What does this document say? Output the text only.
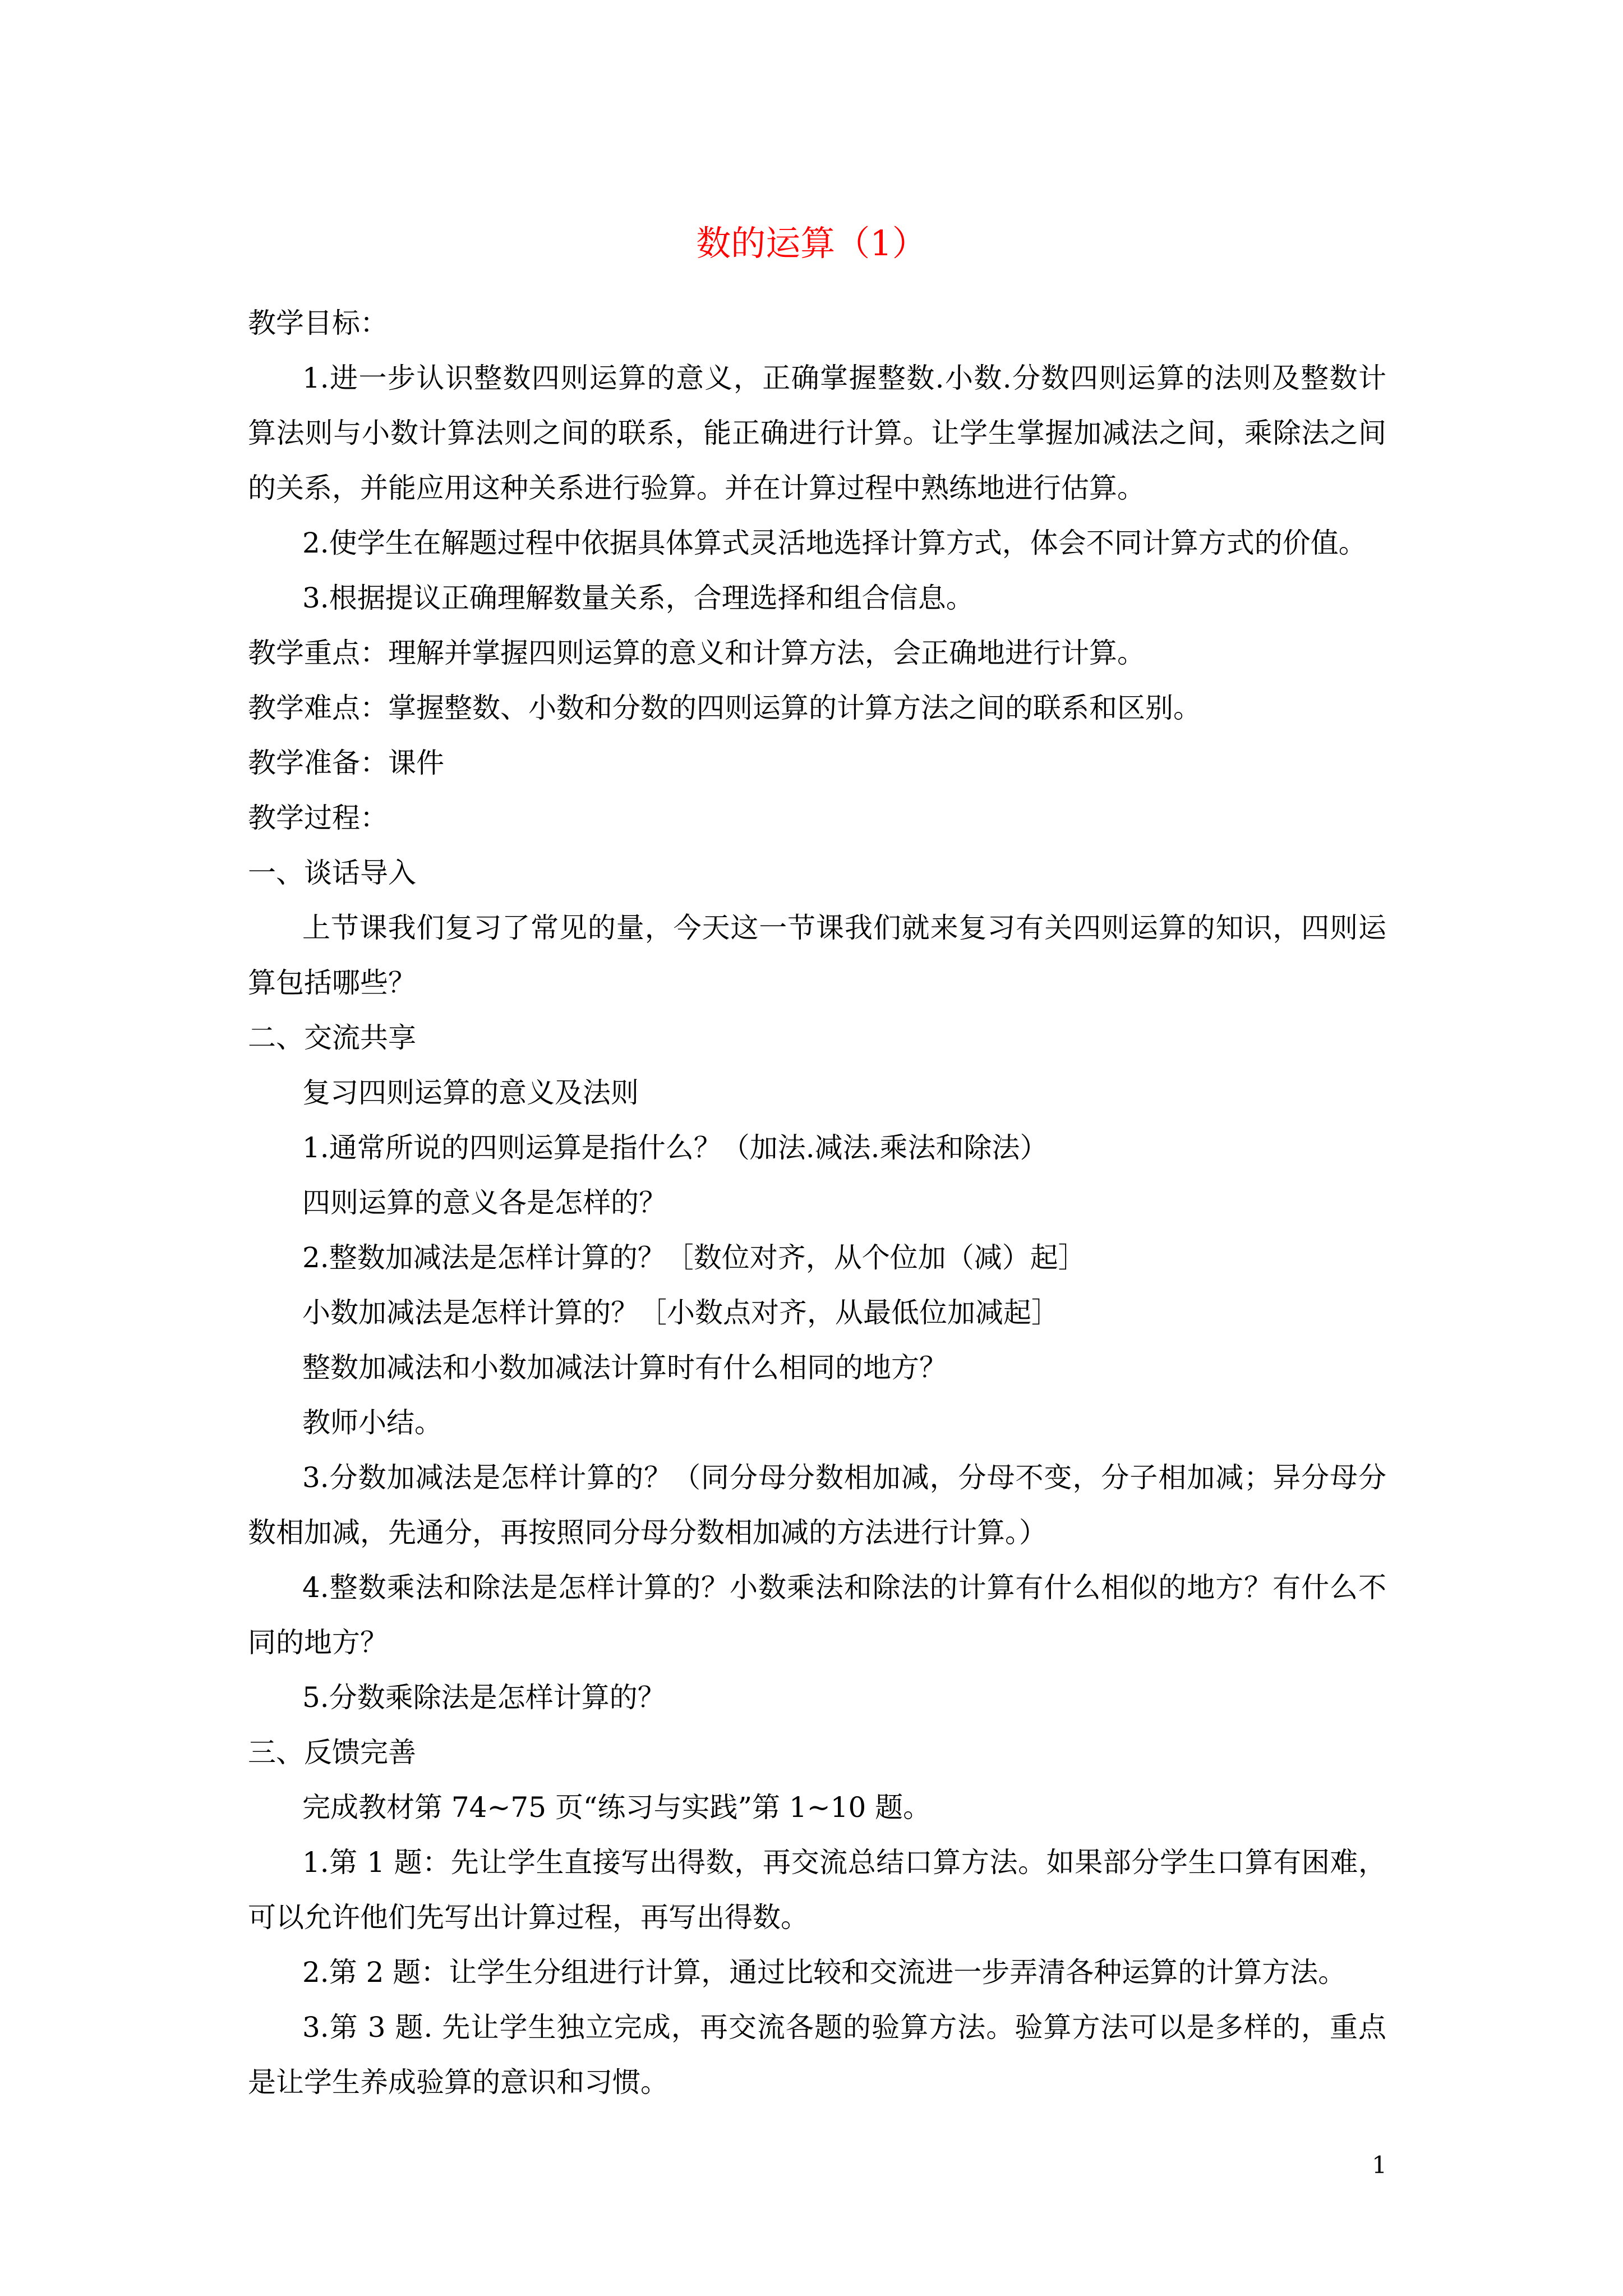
数的运算（1）
教学目标：
1.进一步认识整数四则运算的意义，正确掌握整数.小数.分数四则运算的法则及整数计
算法则与小数计算法则之间的联系，能正确进行计算。让学生掌握加减法之间，乘除法之间
的关系，并能应用这种关系进行验算。并在计算过程中熟练地进行估算。
2.使学生在解题过程中依据具体算式灵活地选择计算方式，体会不同计算方式的价值。
3.根据提议正确理解数量关系，合理选择和组合信息。
教学重点：理解并掌握四则运算的意义和计算方法，会正确地进行计算。
教学难点：掌握整数、小数和分数的四则运算的计算方法之间的联系和区别。
教学准备：课件
教学过程：
一、谈话导入
上节课我们复习了常见的量，今天这一节课我们就来复习有关四则运算的知识，四则运
算包括哪些？
二、交流共享
复习四则运算的意义及法则
1.通常所说的四则运算是指什么？（加法.减法.乘法和除法）
四则运算的意义各是怎样的？
2.整数加减法是怎样计算的？［数位对齐，从个位加（减）起］
小数加减法是怎样计算的？［小数点对齐，从最低位加减起］
整数加减法和小数加减法计算时有什么相同的地方？
教师小结。
3.分数加减法是怎样计算的？（同分母分数相加减，分母不变，分子相加减；异分母分
数相加减，先通分，再按照同分母分数相加减的方法进行计算。）
4.整数乘法和除法是怎样计算的？小数乘法和除法的计算有什么相似的地方？有什么不
同的地方？
5.分数乘除法是怎样计算的？
三、反馈完善
完成教材第 74~75 页“练习与实践”第 1~10 题。
1.第 1 题：先让学生直接写出得数，再交流总结口算方法。如果部分学生口算有困难，
可以允许他们先写出计算过程，再写出得数。
2.第 2 题：让学生分组进行计算，通过比较和交流进一步弄清各种运算的计算方法。
3.第 3 题. 先让学生独立完成，再交流各题的验算方法。验算方法可以是多样的，重点
是让学生养成验算的意识和习惯。
1
